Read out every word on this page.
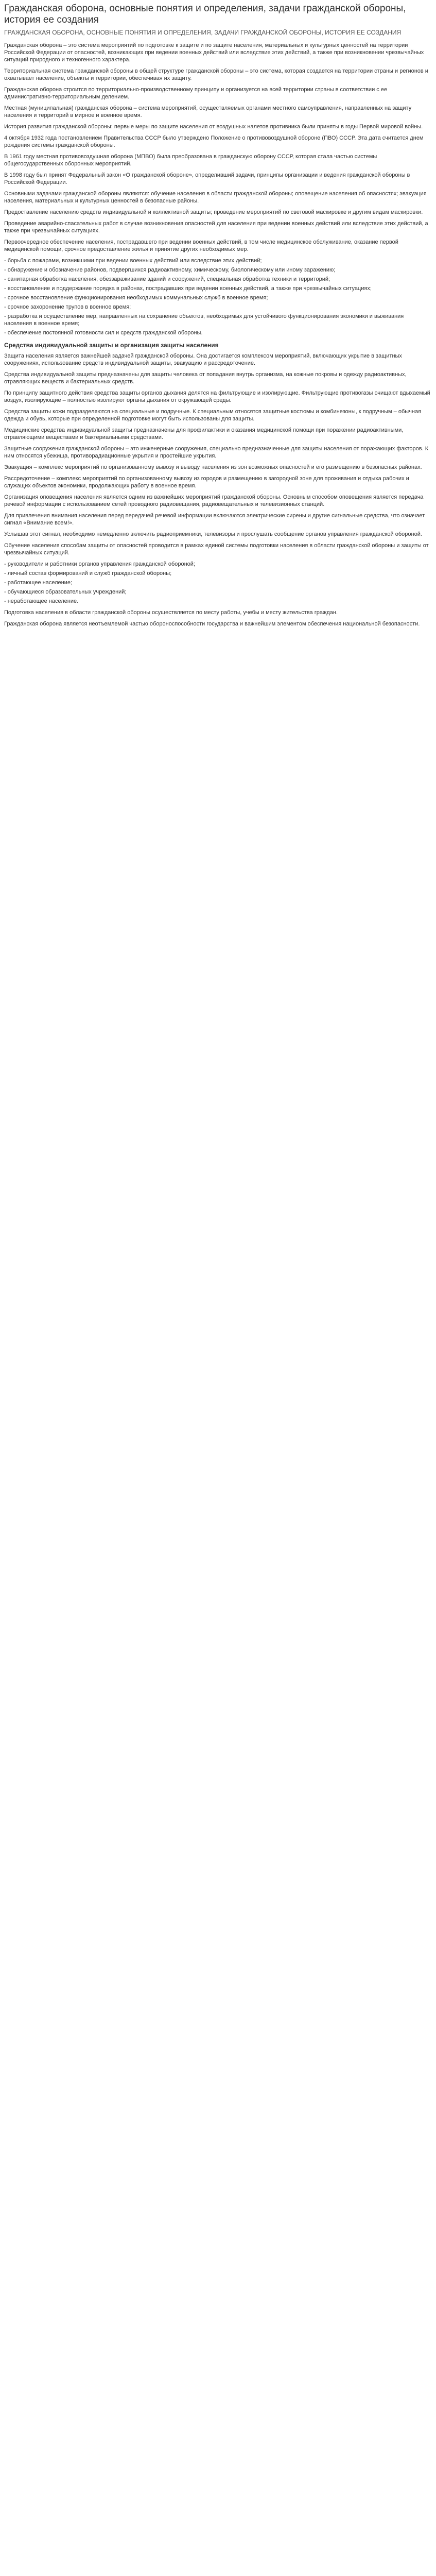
Гражданская оборона, основные понятия и определения, задачи гражданской обороны, история ее создания
ГРАЖДАНСКАЯ ОБОРОНА, ОСНОВНЫЕ ПОНЯТИЯ И ОПРЕДЕЛЕНИЯ, ЗАДАЧИ ГРАЖДАНСКОЙ ОБОРОНЫ, ИСТОРИЯ ЕЕ СОЗДАНИЯ

Гражданская оборона – это система мероприятий по подготовке к защите и по защите населения, материальных и культурных ценностей на территории Российской Федерации от опасностей, возникающих при ведении военных действий или вследствие этих действий, а также при возникновении чрезвычайных ситуаций природного и техногенного характера.

Территориальная система гражданской обороны в общей структуре гражданской обороны – это система, которая создается на территории страны и регионов и охватывает население, объекты и территории, обеспечивая их защиту.

Гражданская оборона строится по территориально-производственному принципу и организуется на всей территории страны в соответствии с ее административно-территориальным делением.

Местная (муниципальная) гражданская оборона – система мероприятий, осуществляемых органами местного самоуправления, направленных на защиту населения и территорий в мирное и военное время.

История развития гражданской обороны: первые меры по защите населения от воздушных налетов противника были приняты в годы Первой мировой войны.

4 октября 1932 года постановлением Правительства СССР было утверждено Положение о противовоздушной обороне (ПВО) СССР. Эта дата считается днем рождения системы гражданской обороны.

В 1961 году местная противовоздушная оборона (МПВО) была преобразована в гражданскую оборону СССР, которая стала частью системы общегосударственных оборонных мероприятий.

В 1998 году был принят Федеральный закон «О гражданской обороне», определивший задачи, принципы организации и ведения гражданской обороны в Российской Федерации.

Основными задачами гражданской обороны являются: обучение населения в области гражданской обороны; оповещение населения об опасностях; эвакуация населения, материальных и культурных ценностей в безопасные районы.

Предоставление населению средств индивидуальной и коллективной защиты; проведение мероприятий по световой маскировке и другим видам маскировки.

Проведение аварийно-спасательных работ в случае возникновения опасностей для населения при ведении военных действий или вследствие этих действий, а также при чрезвычайных ситуациях.

Первоочередное обеспечение населения, пострадавшего при ведении военных действий, в том числе медицинское обслуживание, оказание первой медицинской помощи, срочное предоставление жилья и принятие других необходимых мер.

- борьба с пожарами, возникшими при ведении военных действий или вследствие этих действий;
- обнаружение и обозначение районов, подвергшихся радиоактивному, химическому, биологическому или иному заражению;
- санитарная обработка населения, обеззараживание зданий и сооружений, специальная обработка техники и территорий;
- восстановление и поддержание порядка в районах, пострадавших при ведении военных действий, а также при чрезвычайных ситуациях;
- срочное восстановление функционирования необходимых коммунальных служб в военное время;
- срочное захоронение трупов в военное время;
- разработка и осуществление мер, направленных на сохранение объектов, необходимых для устойчивого функционирования экономики и выживания населения в военное время;
- обеспечение постоянной готовности сил и средств гражданской обороны.
Средства индивидуальной защиты и организация защиты населения

Защита населения является важнейшей задачей гражданской обороны. Она достигается комплексом мероприятий, включающих укрытие в защитных сооружениях, использование средств индивидуальной защиты, эвакуацию и рассредоточение.

Средства индивидуальной защиты предназначены для защиты человека от попадания внутрь организма, на кожные покровы и одежду радиоактивных, отравляющих веществ и бактериальных средств.

По принципу защитного действия средства защиты органов дыхания делятся на фильтрующие и изолирующие. Фильтрующие противогазы очищают вдыхаемый воздух, изолирующие – полностью изолируют органы дыхания от окружающей среды.

Средства защиты кожи подразделяются на специальные и подручные. К специальным относятся защитные костюмы и комбинезоны, к подручным – обычная одежда и обувь, которые при определенной подготовке могут быть использованы для защиты.

Медицинские средства индивидуальной защиты предназначены для профилактики и оказания медицинской помощи при поражении радиоактивными, отравляющими веществами и бактериальными средствами.

Защитные сооружения гражданской обороны – это инженерные сооружения, специально предназначенные для защиты населения от поражающих факторов. К ним относятся убежища, противорадиационные укрытия и простейшие укрытия.

Эвакуация – комплекс мероприятий по организованному вывозу и выводу населения из зон возможных опасностей и его размещению в безопасных районах.

Рассредоточение – комплекс мероприятий по организованному вывозу из городов и размещению в загородной зоне для проживания и отдыха рабочих и служащих объектов экономики, продолжающих работу в военное время.

Организация оповещения населения является одним из важнейших мероприятий гражданской обороны. Основным способом оповещения является передача речевой информации с использованием сетей проводного радиовещания, радиовещательных и телевизионных станций.

Для привлечения внимания населения перед передачей речевой информации включаются электрические сирены и другие сигнальные средства, что означает сигнал «Внимание всем!».

Услышав этот сигнал, необходимо немедленно включить радиоприемники, телевизоры и прослушать сообщение органов управления гражданской обороной.

Обучение населения способам защиты от опасностей проводится в рамках единой системы подготовки населения в области гражданской обороны и защиты от чрезвычайных ситуаций.

- руководители и работники органов управления гражданской обороной;
- личный состав формирований и служб гражданской обороны;
- работающее население;
- обучающиеся образовательных учреждений;
- неработающее население.

Подготовка населения в области гражданской обороны осуществляется по месту работы, учебы и месту жительства граждан.

Гражданская оборона является неотъемлемой частью обороноспособности государства и важнейшим элементом обеспечения национальной безопасности.
